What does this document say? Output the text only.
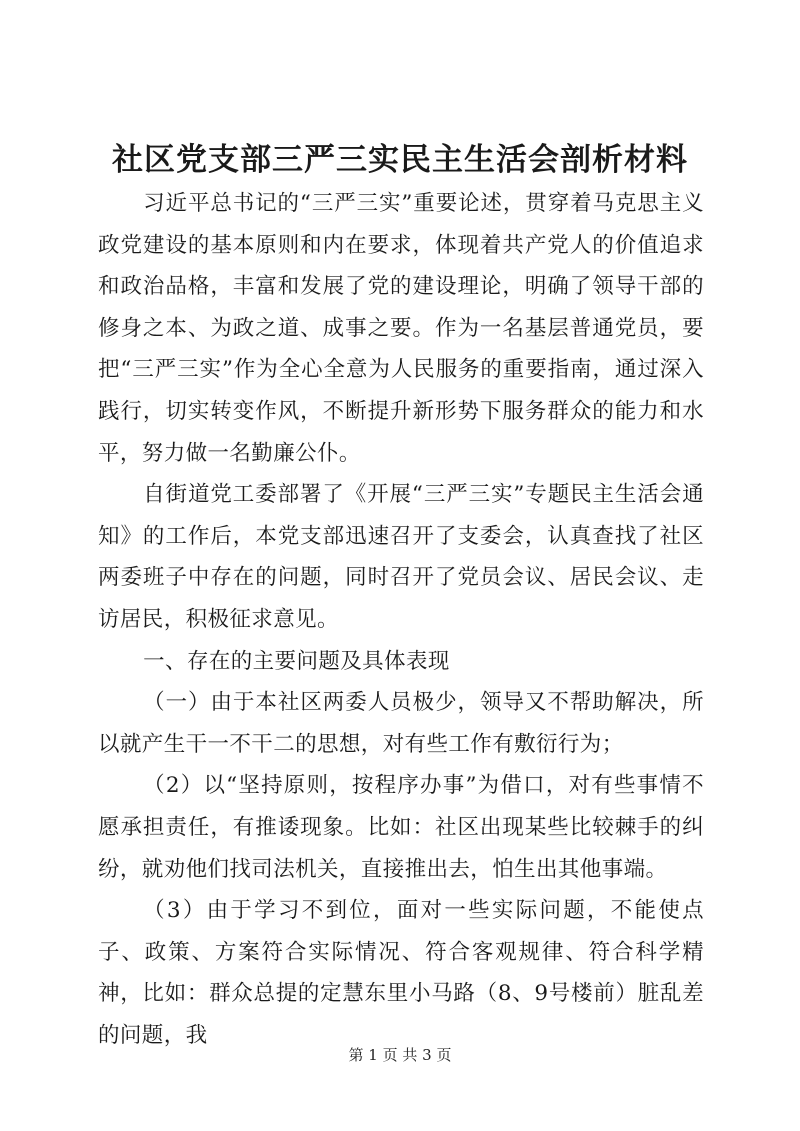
社区党支部三严三实民主生活会剖析材料

习近平总书记的“三严三实”重要论述，贯穿着马克思主义政党建设的基本原则和内在要求，体现着共产党人的价值追求和政治品格，丰富和发展了党的建设理论，明确了领导干部的修身之本、为政之道、成事之要。作为一名基层普通党员，要把“三严三实”作为全心全意为人民服务的重要指南，通过深入践行，切实转变作风，不断提升新形势下服务群众的能力和水平，努力做一名勤廉公仆。

自街道党工委部署了《开展“三严三实”专题民主生活会通知》的工作后，本党支部迅速召开了支委会，认真查找了社区两委班子中存在的问题，同时召开了党员会议、居民会议、走访居民，积极征求意见。

一、存在的主要问题及具体表现

（一）由于本社区两委人员极少，领导又不帮助解决，所以就产生干一不干二的思想，对有些工作有敷衍行为；

（2）以“坚持原则，按程序办事”为借口，对有些事情不愿承担责任，有推诿现象。比如：社区出现某些比较棘手的纠纷，就劝他们找司法机关，直接推出去，怕生出其他事端。

（3）由于学习不到位，面对一些实际问题，不能使点子、政策、方案符合实际情况、符合客观规律、符合科学精神，比如：群众总提的定慧东里小马路（8、9号楼前）脏乱差的问题，我

第 1 页 共 3 页
